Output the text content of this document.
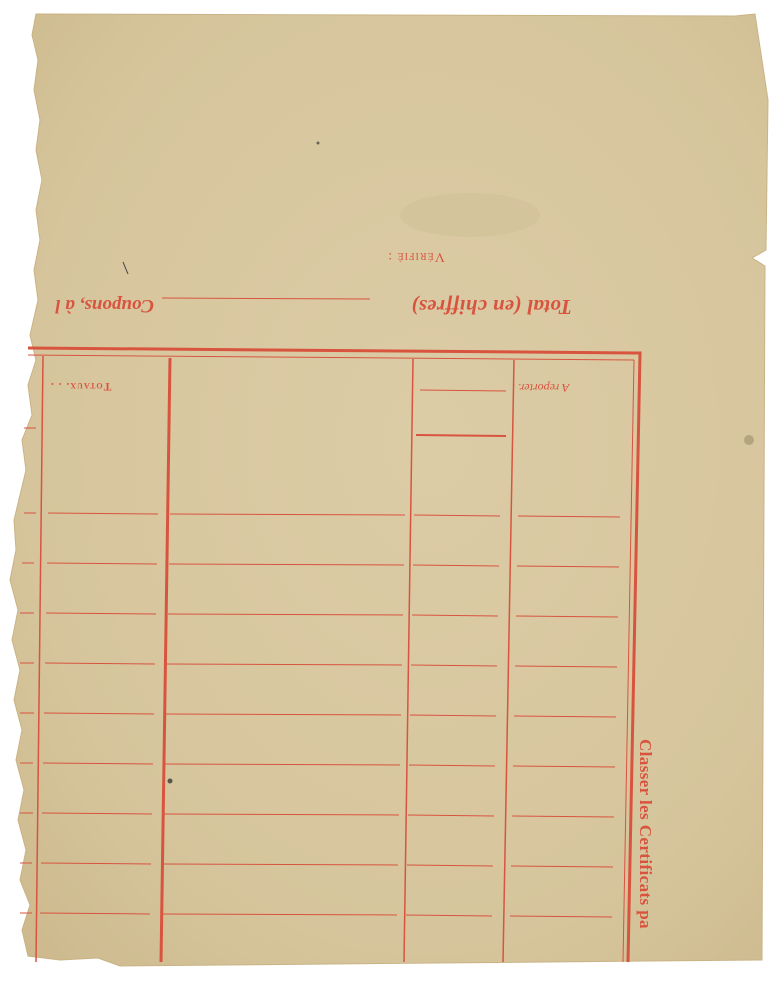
Total (en chiffres)
Coupons, à l
Vérifié :
A reporter. .
Totaux. . .
Classer les Certificats pa
